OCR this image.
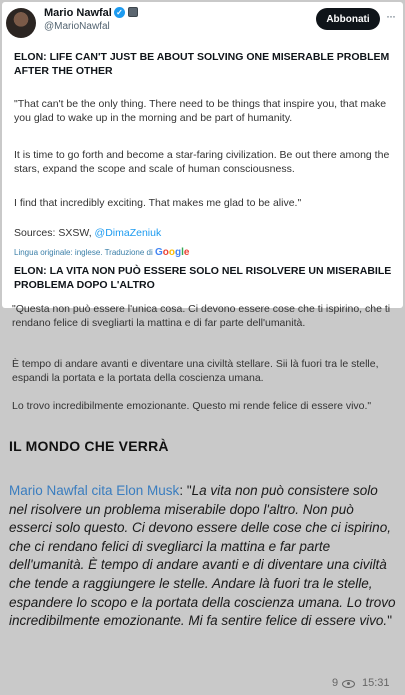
Mario Nawfal ✓
@MarioNawfal
Abbonati	···
ELON: LIFE CAN'T JUST BE ABOUT SOLVING ONE MISERABLE PROBLEM AFTER THE OTHER
"That can't be the only thing. There need to be things that inspire you, that make you glad to wake up in the morning and be part of humanity.
It is time to go forth and become a star-faring civilization. Be out there among the stars, expand the scope and scale of human consciousness.
I find that incredibly exciting. That makes me glad to be alive."
Sources: SXSW, @DimaZeniuk
Lingua originale: inglese. Traduzione di Google
ELON: LA VITA NON PUÒ ESSERE SOLO NEL RISOLVERE UN MISERABILE PROBLEMA DOPO L'ALTRO
"Questa non può essere l'unica cosa. Ci devono essere cose che ti ispirino, che ti rendano felice di svegliarti la mattina e di far parte dell'umanità.
È tempo di andare avanti e diventare una civiltà stellare. Sii là fuori tra le stelle, espandi la portata e la portata della coscienza umana.
Lo trovo incredibilmente emozionante. Questo mi rende felice di essere vivo."
IL MONDO CHE VERRÀ
Mario Nawfal cita Elon Musk: "La vita non può consistere solo nel risolvere un problema miserabile dopo l'altro. Non può esserci solo questo. Ci devono essere delle cose che ci ispirino, che ci rendano felici di svegliarci la mattina e far parte dell'umanità. È tempo di andare avanti e di diventare una civiltà che tende a raggiungere le stelle. Andare là fuori tra le stelle, espandere lo scopo e la portata della coscienza umana. Lo trovo incredibilmente emozionante. Mi fa sentire felice di essere vivo."
9 15:31
